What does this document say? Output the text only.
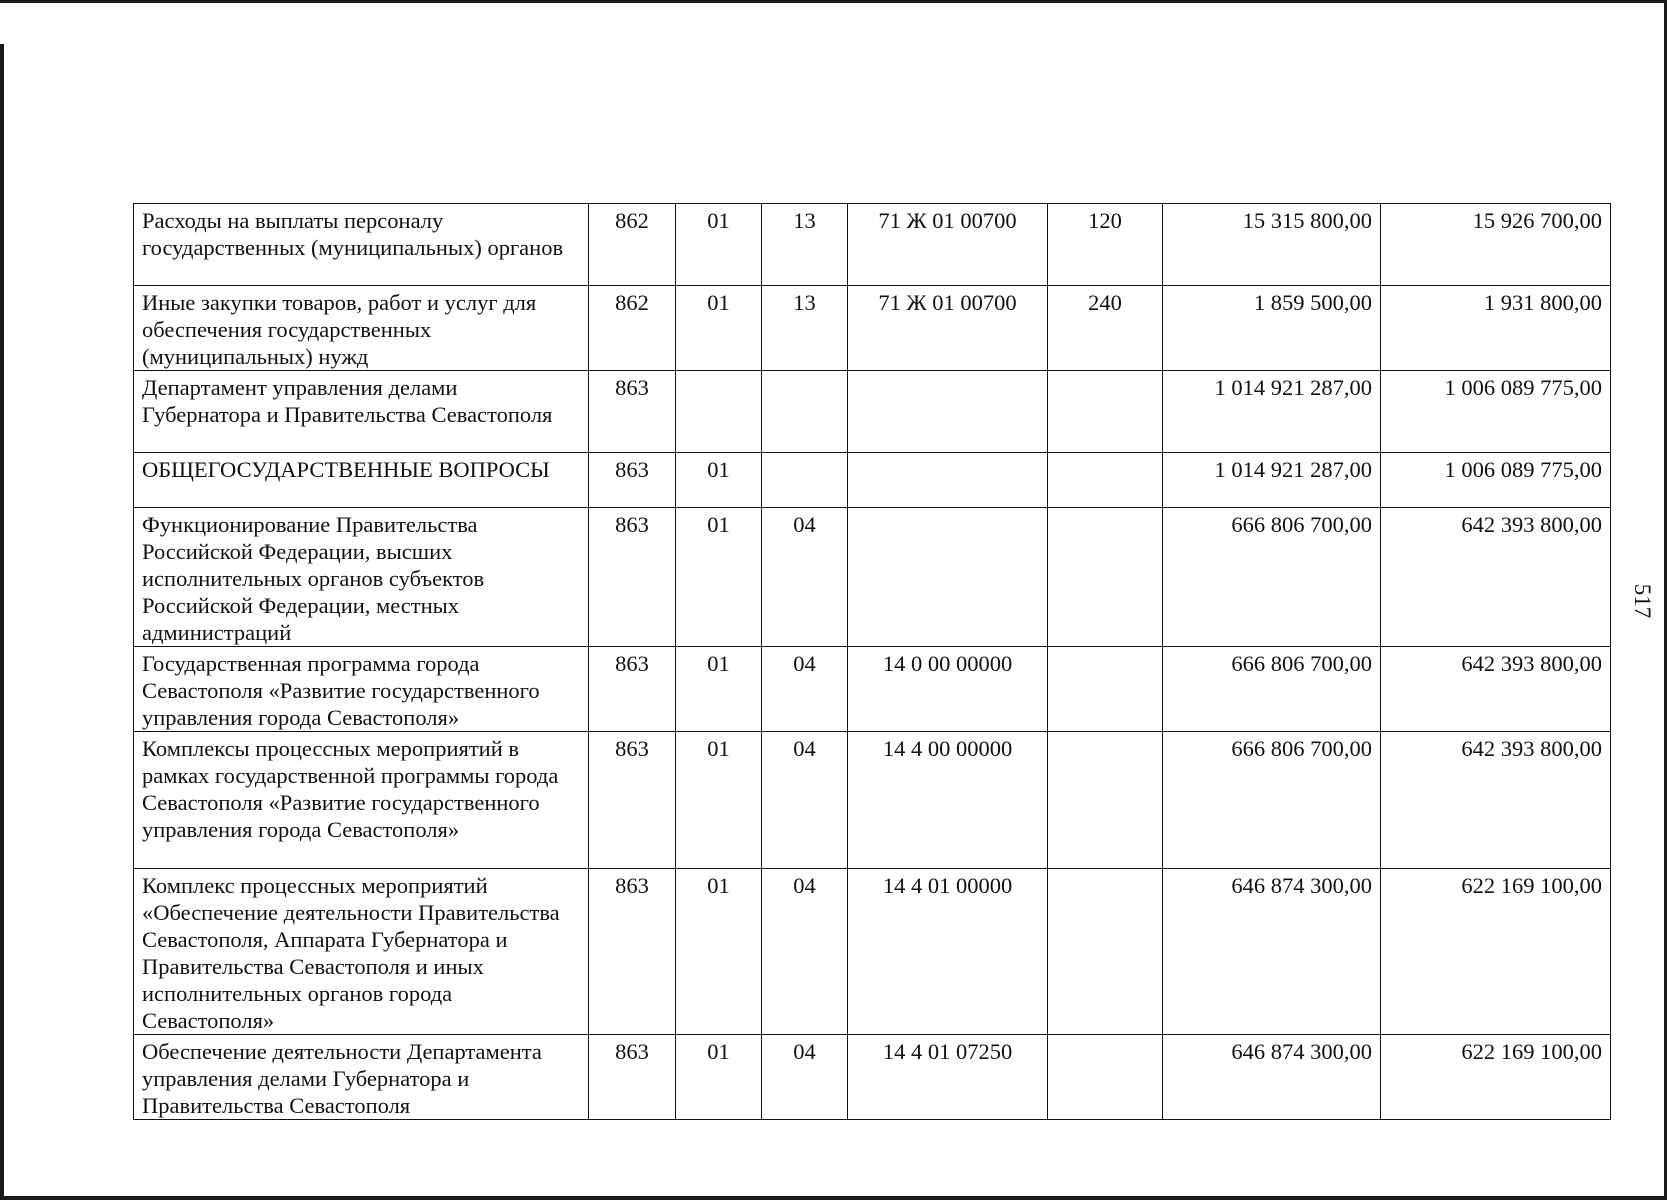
517
Расходы на выплаты персоналу государственных (муниципальных) органов	862	01	13	71 Ж 01 00700	120	15 315 800,00	15 926 700,00
Иные закупки товаров, работ и услуг для обеспечения государственных (муниципальных) нужд	862	01	13	71 Ж 01 00700	240	1 859 500,00	1 931 800,00
Департамент управления делами Губернатора и Правительства Севастополя	863					1 014 921 287,00	1 006 089 775,00
ОБЩЕГОСУДАРСТВЕННЫЕ ВОПРОСЫ	863	01				1 014 921 287,00	1 006 089 775,00
Функционирование Правительства Российской Федерации, высших исполнительных органов субъектов Российской Федерации, местных администраций	863	01	04			666 806 700,00	642 393 800,00
Государственная программа города Севастополя «Развитие государственного управления города Севастополя»	863	01	04	14 0 00 00000		666 806 700,00	642 393 800,00
Комплексы процессных мероприятий в рамках государственной программы города Севастополя «Развитие государственного управления города Севастополя»	863	01	04	14 4 00 00000		666 806 700,00	642 393 800,00
Комплекс процессных мероприятий «Обеспечение деятельности Правительства Севастополя, Аппарата Губернатора и Правительства Севастополя и иных исполнительных органов города Севастополя»	863	01	04	14 4 01 00000		646 874 300,00	622 169 100,00
Обеспечение деятельности Департамента управления делами Губернатора и Правительства Севастополя	863	01	04	14 4 01 07250		646 874 300,00	622 169 100,00
